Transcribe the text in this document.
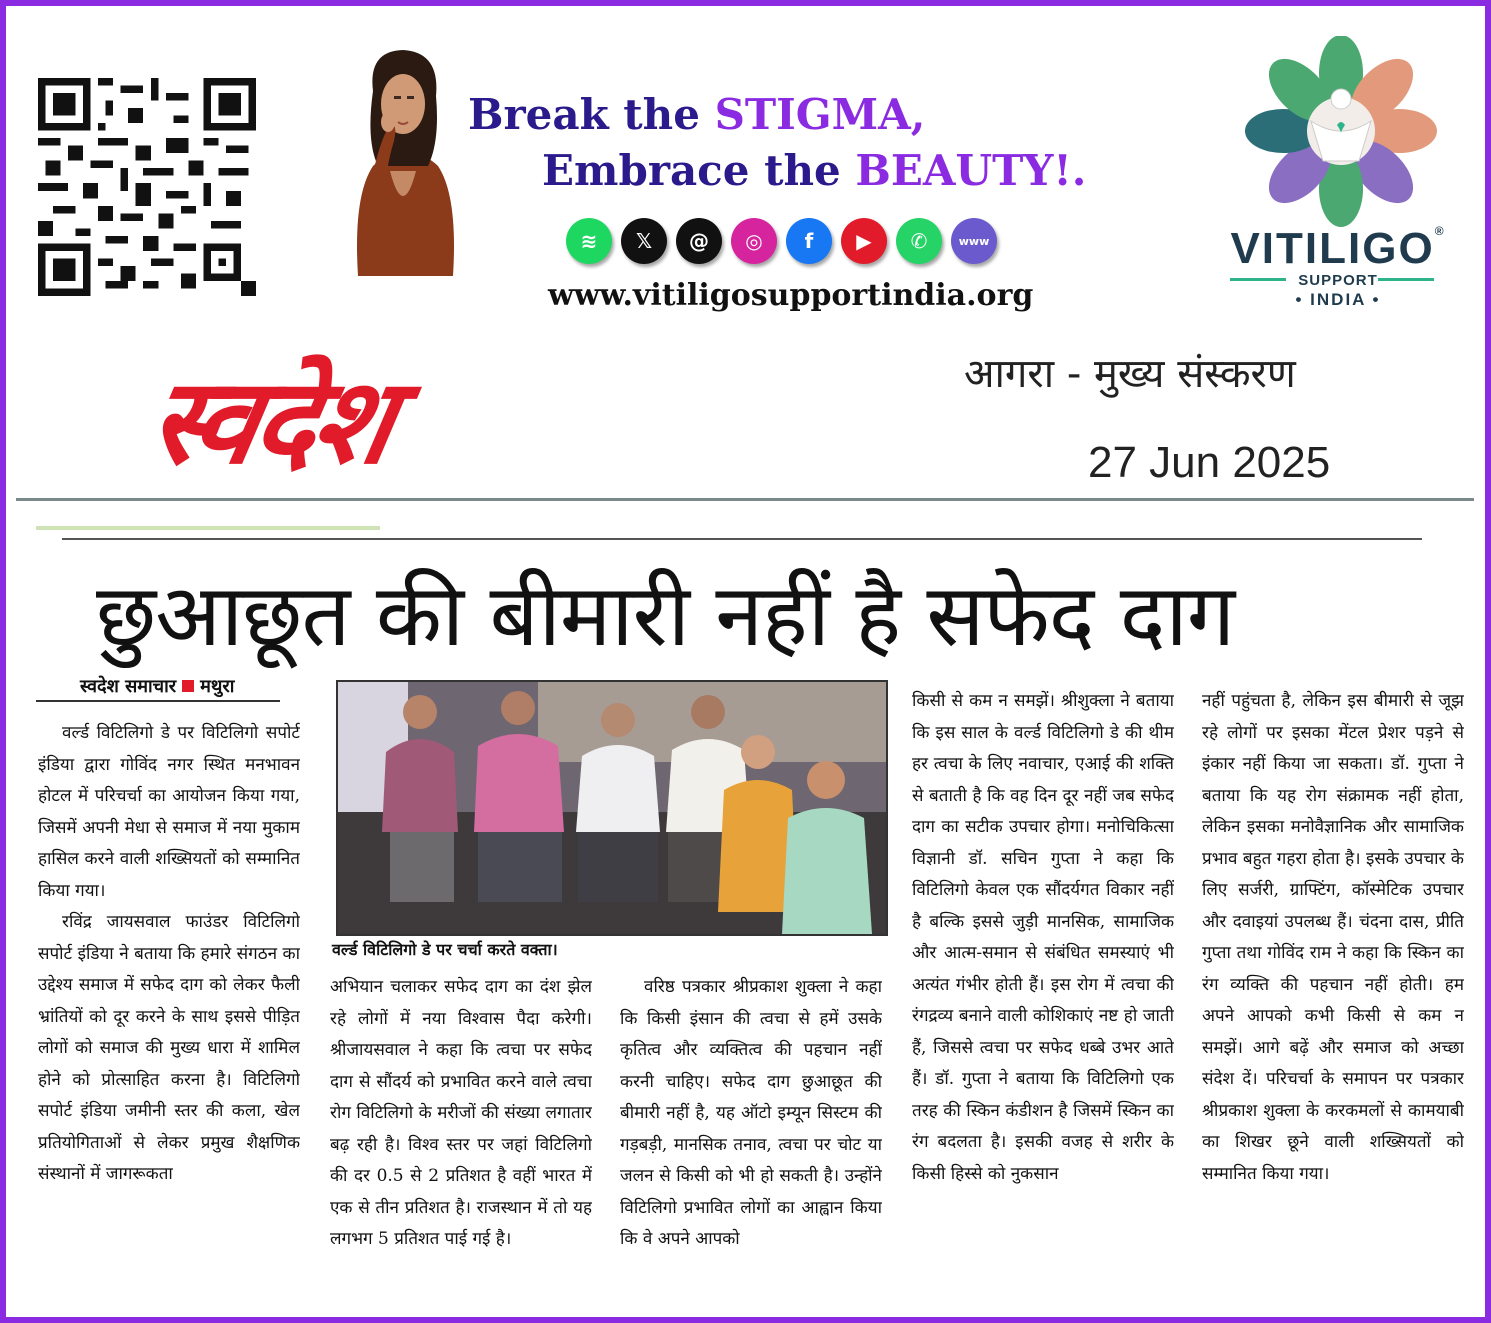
Break the STIGMA,
Embrace the BEAUTY!.
≋	𝕏	@	◎	f	▶	✆	www
www.vitiligosupportindia.org
VITILIGO®
SUPPORT
• INDIA •
स्वदेश	आगरा - मुख्य संस्करण
27 Jun 2025
छुआछूत की बीमारी नहीं है सफेद दाग
स्वदेश समाचार मथुरा
वर्ल्ड विटिलिगो डे पर चर्चा करते वक्ता।

वर्ल्ड विटिलिगो डे पर विटिलिगो सपोर्ट इंडिया द्वारा गोविंद नगर स्थित मनभावन होटल में परिचर्चा का आयोजन किया गया, जिसमें अपनी मेधा से समाज में नया मुकाम हासिल करने वाली शख्सियतों को सम्मानित किया गया।

रविंद्र जायसवाल फाउंडर विटिलिगो सपोर्ट इंडिया ने बताया कि हमारे संगठन का उद्देश्य समाज में सफेद दाग को लेकर फैली भ्रांतियों को दूर करने के साथ इससे पीड़ित लोगों को समाज की मुख्य धारा में शामिल होने को प्रोत्साहित करना है। विटिलिगो सपोर्ट इंडिया जमीनी स्तर की कला, खेल प्रतियोगिताओं से लेकर प्रमुख शैक्षणिक संस्थानों में जागरूकता

अभियान चलाकर सफेद दाग का दंश झेल रहे लोगों में नया विश्वास पैदा करेगी। श्रीजायसवाल ने कहा कि त्वचा पर सफेद दाग से सौंदर्य को प्रभावित करने वाले त्वचा रोग विटिलिगो के मरीजों की संख्या लगातार बढ़ रही है। विश्व स्तर पर जहां विटिलिगो की दर 0.5 से 2 प्रतिशत है वहीं भारत में एक से तीन प्रतिशत है। राजस्थान में तो यह लगभग 5 प्रतिशत पाई गई है।

वरिष्ठ पत्रकार श्रीप्रकाश शुक्ला ने कहा कि किसी इंसान की त्वचा से हमें उसके कृतित्व और व्यक्तित्व की पहचान नहीं करनी चाहिए। सफेद दाग छुआछूत की बीमारी नहीं है, यह ऑटो इम्यून सिस्टम की गड़बड़ी, मानसिक तनाव, त्वचा पर चोट या जलन से किसी को भी हो सकती है। उन्होंने विटिलिगो प्रभावित लोगों का आह्वान किया कि वे अपने आपको

किसी से कम न समझें। श्रीशुक्ला ने बताया कि इस साल के वर्ल्ड विटिलिगो डे की थीम हर त्वचा के लिए नवाचार, एआई की शक्ति से बताती है कि वह दिन दूर नहीं जब सफेद दाग का सटीक उपचार होगा। मनोचिकित्सा विज्ञानी डॉ. सचिन गुप्ता ने कहा कि विटिलिगो केवल एक सौंदर्यगत विकार नहीं है बल्कि इससे जुड़ी मानसिक, सामाजिक और आत्म-समान से संबंधित समस्याएं भी अत्यंत गंभीर होती हैं। इस रोग में त्वचा की रंगद्रव्य बनाने वाली कोशिकाएं नष्ट हो जाती हैं, जिससे त्वचा पर सफेद धब्बे उभर आते हैं। डॉ. गुप्ता ने बताया कि विटिलिगो एक तरह की स्किन कंडीशन है जिसमें स्किन का रंग बदलता है। इसकी वजह से शरीर के किसी हिस्से को नुकसान

नहीं पहुंचता है, लेकिन इस बीमारी से जूझ रहे लोगों पर इसका मेंटल प्रेशर पड़ने से इंकार नहीं किया जा सकता। डॉ. गुप्ता ने बताया कि यह रोग संक्रामक नहीं होता, लेकिन इसका मनोवैज्ञानिक और सामाजिक प्रभाव बहुत गहरा होता है। इसके उपचार के लिए सर्जरी, ग्राफ्टिंग, कॉस्मेटिक उपचार और दवाइयां उपलब्ध हैं। चंदना दास, प्रीति गुप्ता तथा गोविंद राम ने कहा कि स्किन का रंग व्यक्ति की पहचान नहीं होती। हम अपने आपको कभी किसी से कम न समझें। आगे बढ़ें और समाज को अच्छा संदेश दें। परिचर्चा के समापन पर पत्रकार श्रीप्रकाश शुक्ला के करकमलों से कामयाबी का शिखर छूने वाली शख्सियतों को सम्मानित किया गया।
